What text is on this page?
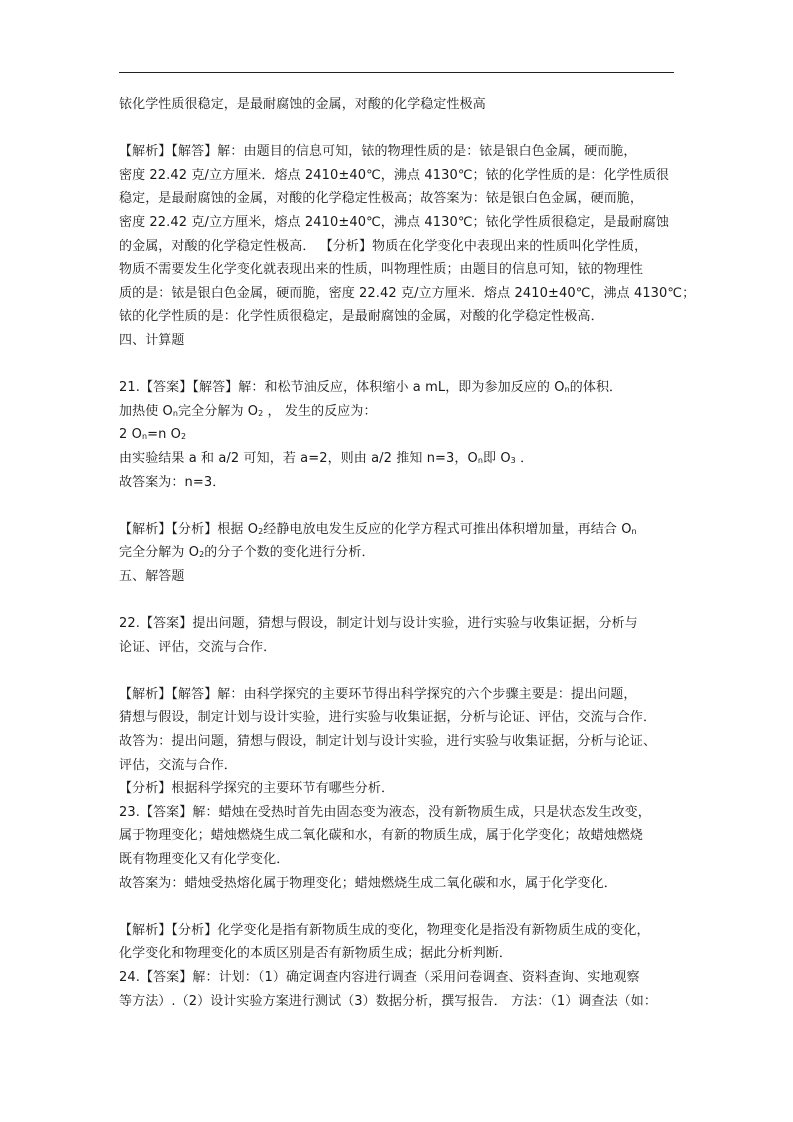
铱化学性质很稳定，是最耐腐蚀的金属，对酸的化学稳定性极高
【解析】【解答】解：由题目的信息可知，铱的物理性质的是：铱是银白色金属，硬而脆，
密度 22.42 克/立方厘米．熔点 2410±40℃，沸点 4130℃；铱的化学性质的是：化学性质很
稳定，是最耐腐蚀的金属，对酸的化学稳定性极高；故答案为：铱是银白色金属，硬而脆，
密度 22.42 克/立方厘米，熔点 2410±40℃，沸点 4130℃；铱化学性质很稳定，是最耐腐蚀
的金属，对酸的化学稳定性极高． 【分析】物质在化学变化中表现出来的性质叫化学性质，
物质不需要发生化学变化就表现出来的性质，叫物理性质；由题目的信息可知，铱的物理性
质的是：铱是银白色金属，硬而脆，密度 22.42 克/立方厘米．熔点 2410±40℃，沸点 4130℃；
铱的化学性质的是：化学性质很稳定，是最耐腐蚀的金属，对酸的化学稳定性极高．
四、计算题
21.【答案】【解答】解：和松节油反应，体积缩小 a mL，即为参加反应的 $O_n$的体积．
加热使 $O_n$完全分解为 $O_2$ ， 发生的反应为：
2 $O_n=n$ $O_2$
由实验结果 a 和 a/2 可知，若 a=2，则由 a/2 推知 n=3，$O_n$即 $O_3$ ．
故答案为：n=3．
【解析】【分析】根据 $O_2$经静电放电发生反应的化学方程式可推出体积增加量，再结合 $O_n$
完全分解为 $O_2$的分子个数的变化进行分析．
五、解答题
22.【答案】提出问题，猜想与假设，制定计划与设计实验，进行实验与收集证据，分析与
论证、评估，交流与合作．
【解析】【解答】解：由科学探究的主要环节得出科学探究的六个步骤主要是：提出问题，
猜想与假设，制定计划与设计实验，进行实验与收集证据，分析与论证、评估，交流与合作．
故答为：提出问题，猜想与假设，制定计划与设计实验，进行实验与收集证据，分析与论证、
评估，交流与合作．
【分析】根据科学探究的主要环节有哪些分析．
23.【答案】解：蜡烛在受热时首先由固态变为液态，没有新物质生成，只是状态发生改变，
属于物理变化；蜡烛燃烧生成二氧化碳和水，有新的物质生成，属于化学变化；故蜡烛燃烧
既有物理变化又有化学变化．
故答案为：蜡烛受热熔化属于物理变化；蜡烛燃烧生成二氧化碳和水，属于化学变化．
【解析】【分析】化学变化是指有新物质生成的变化，物理变化是指没有新物质生成的变化，
化学变化和物理变化的本质区别是否有新物质生成；据此分析判断．
24.【答案】解：计划：（1）确定调查内容进行调查（采用问卷调查、资料查询、实地观察
等方法）.（2）设计实验方案进行测试（3）数据分析，撰写报告． 方法：（1）调查法（如：
